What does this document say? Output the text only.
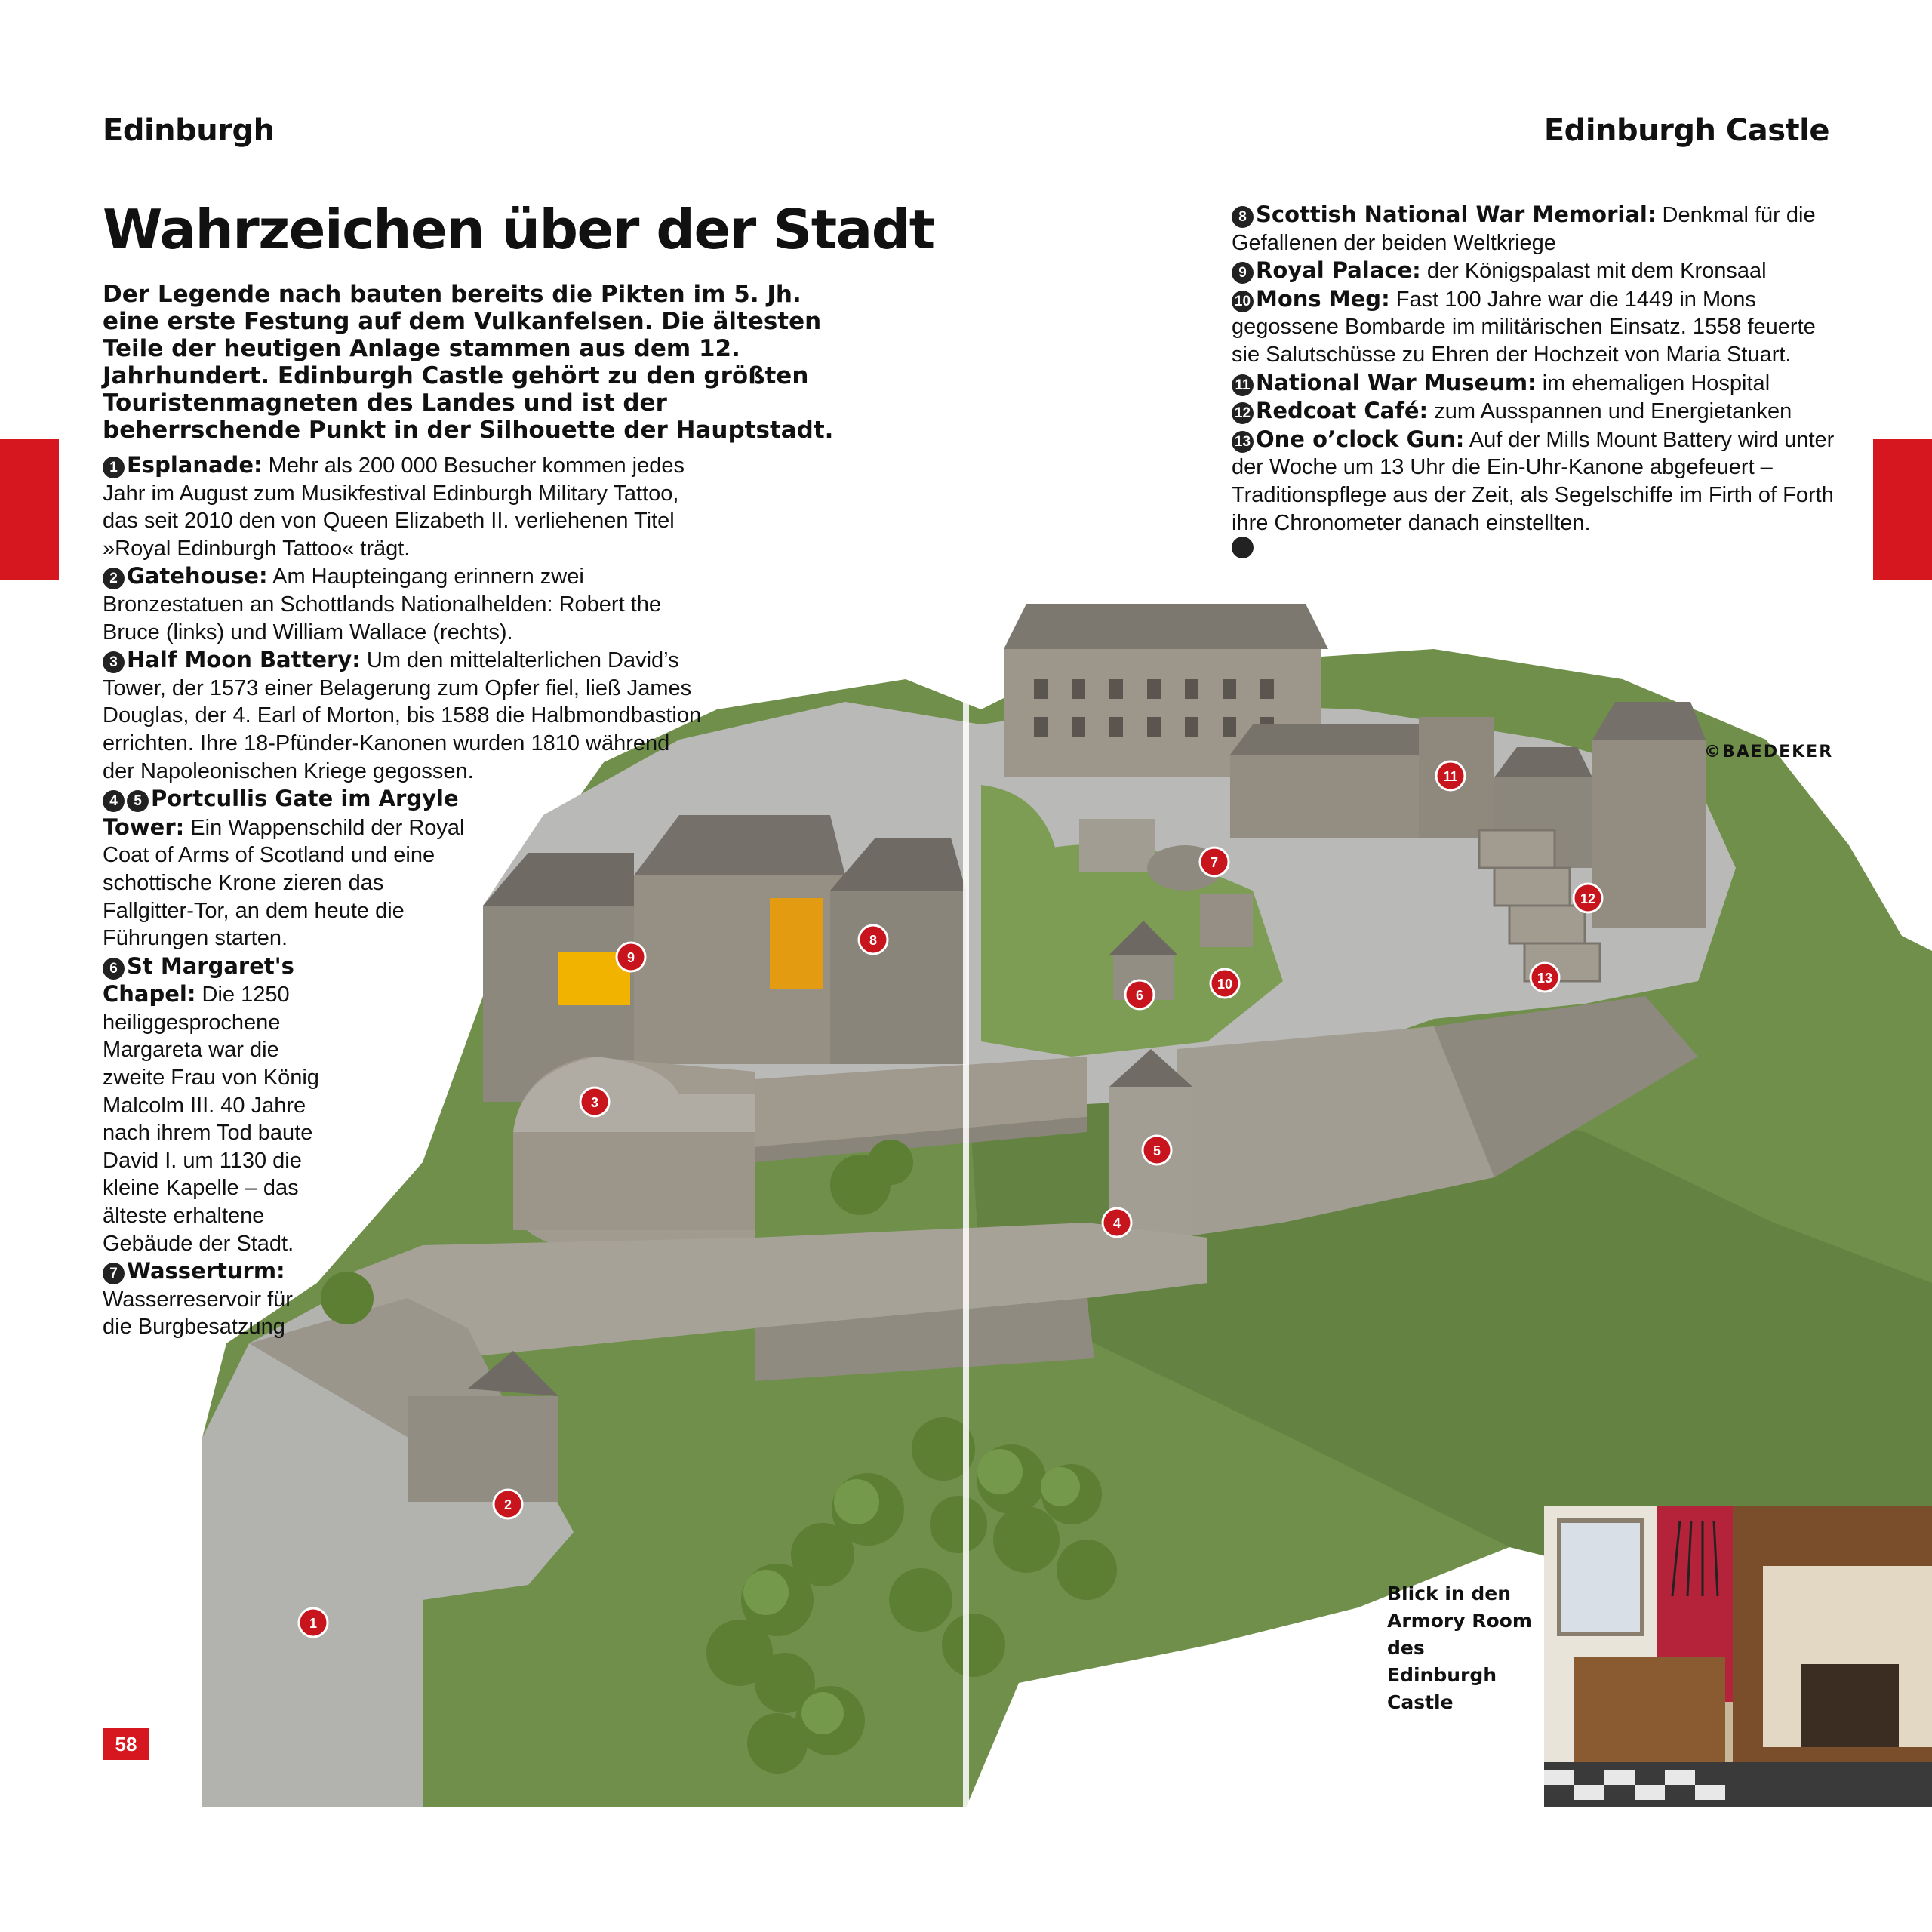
Edinburgh	Edinburgh Castle
Wahrzeichen über der Stadt

Der Legende nach bauten bereits die Pikten im 5. Jh. eine erste Festung auf dem Vulkanfelsen. Die ältesten Teile der heutigen Anlage stammen aus dem 12. Jahrhundert. Edinburgh Castle gehört zu den größten Touristenmagneten des Landes und ist der beherrschende Punkt in der Silhouette der Hauptstadt.

1
2
3
4
5
6
7
8
9
10
11
12
13

1 Esplanade: Mehr als 200 000 Besucher kommen jedes Jahr im August zum Musikfestival Edinburgh Military Tattoo, das seit 2010 den von Queen Elizabeth II. verliehenen Titel »Royal Edinburgh Tattoo« trägt.

2 Gatehouse: Am Haupteingang erinnern zwei Bronzestatuen an Schottlands Nationalhelden: Robert the Bruce (links) und William Wallace (rechts).

3 Half Moon Battery: Um den mittelalterlichen David’s Tower, der 1573 einer Belagerung zum Opfer fiel, ließ James Douglas, der 4. Earl of Morton, bis 1588 die Halbmondbastion errichten. Ihre 18-Pfünder-Kanonen wurden 1810 während der Napoleonischen Kriege gegossen.

4 5 Portcullis Gate im Argyle Tower: Ein Wappenschild der Royal Coat of Arms of Scotland und eine schottische Krone zieren das Fallgitter-Tor, an dem heute die Führungen starten.

6 St Margaret's Chapel: Die 1250 heiliggesprochene Margareta war die zweite Frau von König Malcolm III. 40 Jahre nach ihrem Tod baute David I. um 1130 die kleine Kapelle – das älteste erhaltene Gebäude der Stadt.

7 Wasserturm: Wasserreservoir für die Burgbesatzung

8 Scottish National War Memorial: Denkmal für die Gefallenen der beiden Weltkriege

9 Royal Palace: der Königspalast mit dem Kronsaal

10 Mons Meg: Fast 100 Jahre war die 1449 in Mons gegossene Bombarde im militärischen Einsatz. 1558 feuerte sie Salutschüsse zu Ehren der Hochzeit von Maria Stuart.

11 National War Museum: im ehemaligen Hospital

12 Redcoat Café: zum Ausspannen und Energietanken

13 One o’clock Gun: Auf der Mills Mount Battery wird unter der Woche um 13 Uhr die Ein-Uhr-Kanone abgefeuert – Traditionspflege aus der Zeit, als Segelschiffe im Firth of Forth ihre Chronometer danach einstellten.

©BAEDEKER
Blick in den Armory Room des Edinburgh Castle
58
